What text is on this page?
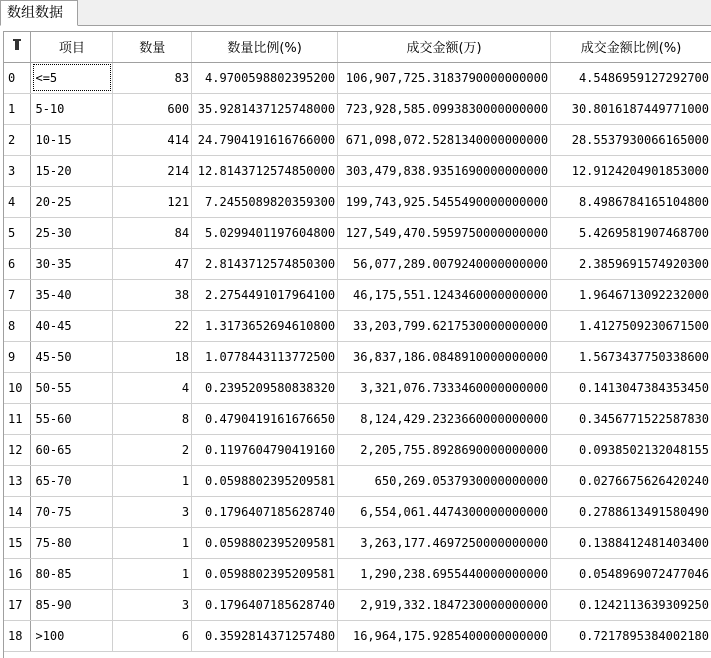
数组数据
	项目	数量	数量比例(%)	成交金额(万)	成交金额比例(%)
0	<=5	83	4.9700598802395200	106,907,725.3183790000000000	4.5486959127292700
1	5-10	600	35.9281437125748000	723,928,585.0993830000000000	30.8016187449771000
2	10-15	414	24.7904191616766000	671,098,072.5281340000000000	28.5537930066165000
3	15-20	214	12.8143712574850000	303,479,838.9351690000000000	12.9124204901853000
4	20-25	121	7.2455089820359300	199,743,925.5455490000000000	8.4986784165104800
5	25-30	84	5.0299401197604800	127,549,470.5959750000000000	5.4269581907468700
6	30-35	47	2.8143712574850300	56,077,289.0079240000000000	2.3859691574920300
7	35-40	38	2.2754491017964100	46,175,551.1243460000000000	1.9646713092232000
8	40-45	22	1.3173652694610800	33,203,799.6217530000000000	1.4127509230671500
9	45-50	18	1.0778443113772500	36,837,186.0848910000000000	1.5673437750338600
10	50-55	4	0.2395209580838320	3,321,076.7333460000000000	0.1413047384353450
11	55-60	8	0.4790419161676650	8,124,429.2323660000000000	0.3456771522587830
12	60-65	2	0.1197604790419160	2,205,755.8928690000000000	0.0938502132048155
13	65-70	1	0.0598802395209581	650,269.0537930000000000	0.0276675626420240
14	70-75	3	0.1796407185628740	6,554,061.4474300000000000	0.2788613491580490
15	75-80	1	0.0598802395209581	3,263,177.4697250000000000	0.1388412481403400
16	80-85	1	0.0598802395209581	1,290,238.6955440000000000	0.0548969072477046
17	85-90	3	0.1796407185628740	2,919,332.1847230000000000	0.1242113639309250
18	>100	6	0.3592814371257480	16,964,175.9285400000000000	0.7217895384002180
